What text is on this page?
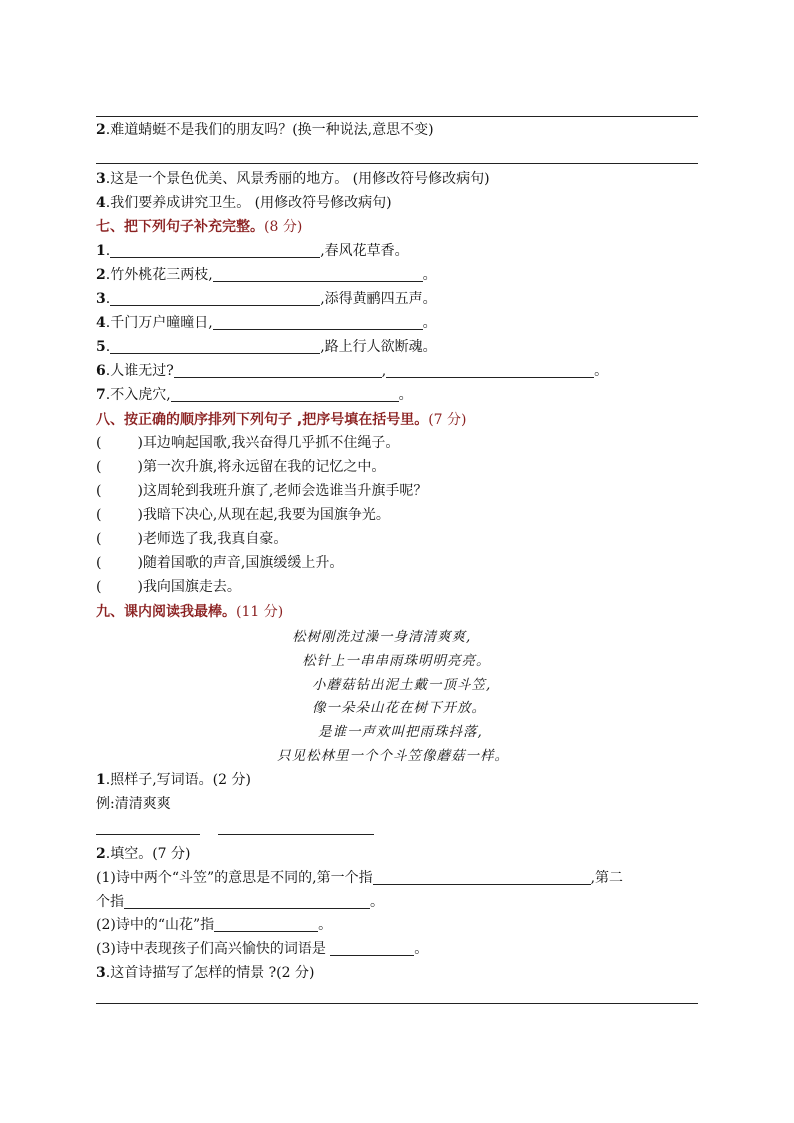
2.难道蜻蜓不是我们的朋友吗？(换一种说法,意思不变)
3.这是一个景色优美、风景秀丽的地方。 (用修改符号修改病句)
4.我们要养成讲究卫生。 (用修改符号修改病句)
七、把下列句子补充完整。(8 分)
1.	,春风花草香。
2.竹外桃花三两枝,	。
3.	,添得黄鹂四五声。
4.千门万户曈曈日,	。
5.	,路上行人欲断魂。
6.人谁无过?	,	。
7.不入虎穴,	。
八、按正确的顺序排列下列句子 ,把序号填在括号里。(7 分)
(	)耳边响起国歌,我兴奋得几乎抓不住绳子。
(	)第一次升旗,将永远留在我的记忆之中。
(	)这周轮到我班升旗了,老师会选谁当升旗手呢？
(	)我暗下决心,从现在起,我要为国旗争光。
(	)老师选了我,我真自豪。
(	)随着国歌的声音,国旗缓缓上升。
(	)我向国旗走去。
九、课内阅读我最棒。(11 分)
松树刚洗过澡一身清清爽爽,
松针上一串串雨珠明明亮亮。
小蘑菇钻出泥土戴一顶斗笠,
像一朵朵山花在树下开放。
是谁一声欢叫把雨珠抖落,
只见松林里一个个斗笠像蘑菇一样。
1.照样子,写词语。(2 分)
例:清清爽爽
2.填空。(7 分)
(1)诗中两个“斗笠”的意思是不同的,第一个指	,第二
个指	。
(2)诗中的“山花”指	。
(3)诗中表现孩子们高兴愉快的词语是	。
3.这首诗描写了怎样的情景 ?(2 分)
